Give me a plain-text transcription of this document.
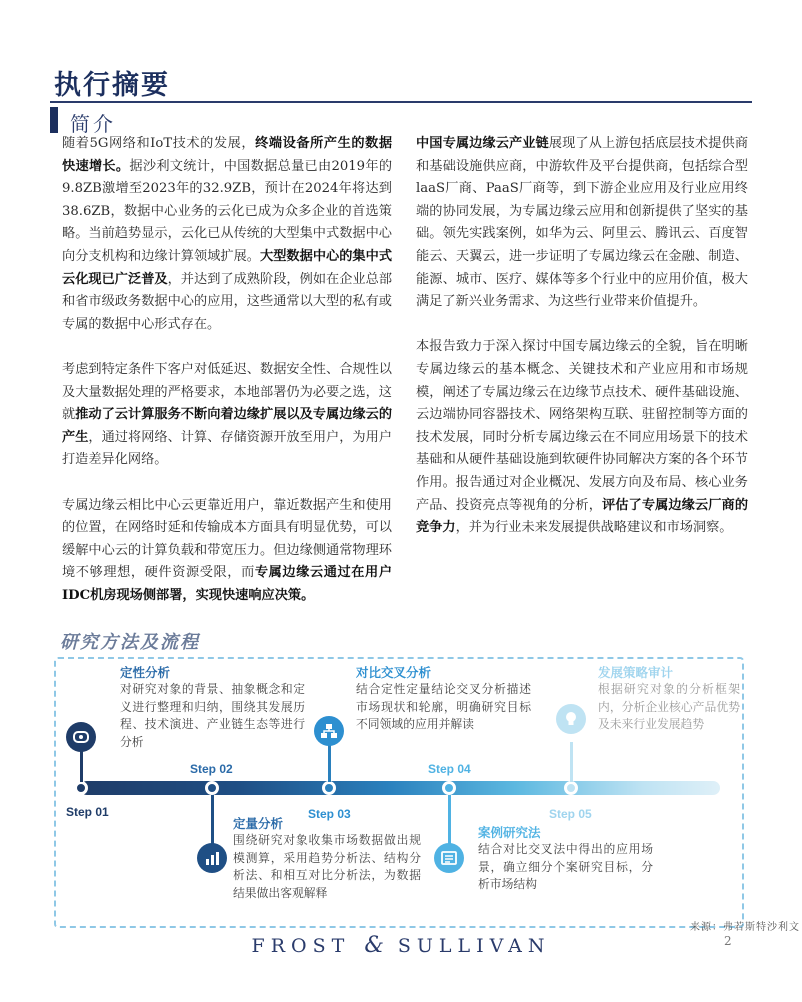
执行摘要
简介

随着5G网络和IoT技术的发展，终端设备所产生的数据快速增长。据沙利文统计，中国数据总量已由2019年的9.8ZB激增至2023年的32.9ZB，预计在2024年将达到38.6ZB，数据中心业务的云化已成为众多企业的首选策略。当前趋势显示，云化已从传统的大型集中式数据中心向分支机构和边缘计算领域扩展。大型数据中心的集中式云化现已广泛普及，并达到了成熟阶段，例如在企业总部和省市级政务数据中心的应用，这些通常以大型的私有或专属的数据中心形式存在。

考虑到特定条件下客户对低延迟、数据安全性、合规性以及大量数据处理的严格要求，本地部署仍为必要之选，这就推动了云计算服务不断向着边缘扩展以及专属边缘云的产生，通过将网络、计算、存储资源开放至用户，为用户打造差异化网络。

专属边缘云相比中心云更靠近用户，靠近数据产生和使用的位置，在网络时延和传输成本方面具有明显优势，可以缓解中心云的计算负载和带宽压力。但边缘侧通常物理环境不够理想，硬件资源受限，而专属边缘云通过在用户IDC机房现场侧部署，实现快速响应决策。

中国专属边缘云产业链展现了从上游包括底层技术提供商和基础设施供应商，中游软件及平台提供商，包括综合型laaS厂商、PaaS厂商等，到下游企业应用及行业应用终端的协同发展，为专属边缘云应用和创新提供了坚实的基础。领先实践案例，如华为云、阿里云、腾讯云、百度智能云、天翼云，进一步证明了专属边缘云在金融、制造、能源、城市、医疗、媒体等多个行业中的应用价值，极大满足了新兴业务需求、为这些行业带来价值提升。

本报告致力于深入探讨中国专属边缘云的全貌，旨在明晰专属边缘云的基本概念、关键技术和产业应用和市场规模，阐述了专属边缘云在边缘节点技术、硬件基础设施、云边端协同容器技术、网络架构互联、驻留控制等方面的技术发展，同时分析专属边缘云在不同应用场景下的技术基础和从硬件基础设施到软硬件协同解决方案的各个环节作用。报告通过对企业概况、发展方向及布局、核心业务产品、投资亮点等视角的分析，评估了专属边缘云厂商的竞争力，并为行业未来发展提供战略建议和市场洞察。

研究方法及流程
Step 01
Step 02
Step 03
Step 04
Step 05
定性分析
对研究对象的背景、抽象概念和定义进行整理和归纳，围绕其发展历程、技术演进、产业链生态等进行分析
定量分析
围绕研究对象收集市场数据做出规模测算，采用趋势分析法、结构分析法、和相互对比分析法，为数据结果做出客观解释
对比交叉分析
结合定性定量结论交叉分析描述市场现状和轮廓，明确研究目标不同领域的应用并解读
案例研究法
结合对比交叉法中得出的应用场景，确立细分个案研究目标，分析市场结构
发展策略审计
根据研究对象的分析框架内，分析企业核心产品优势及未来行业发展趋势
来源：弗若斯特沙利文
FROST & SULLIVAN	2
